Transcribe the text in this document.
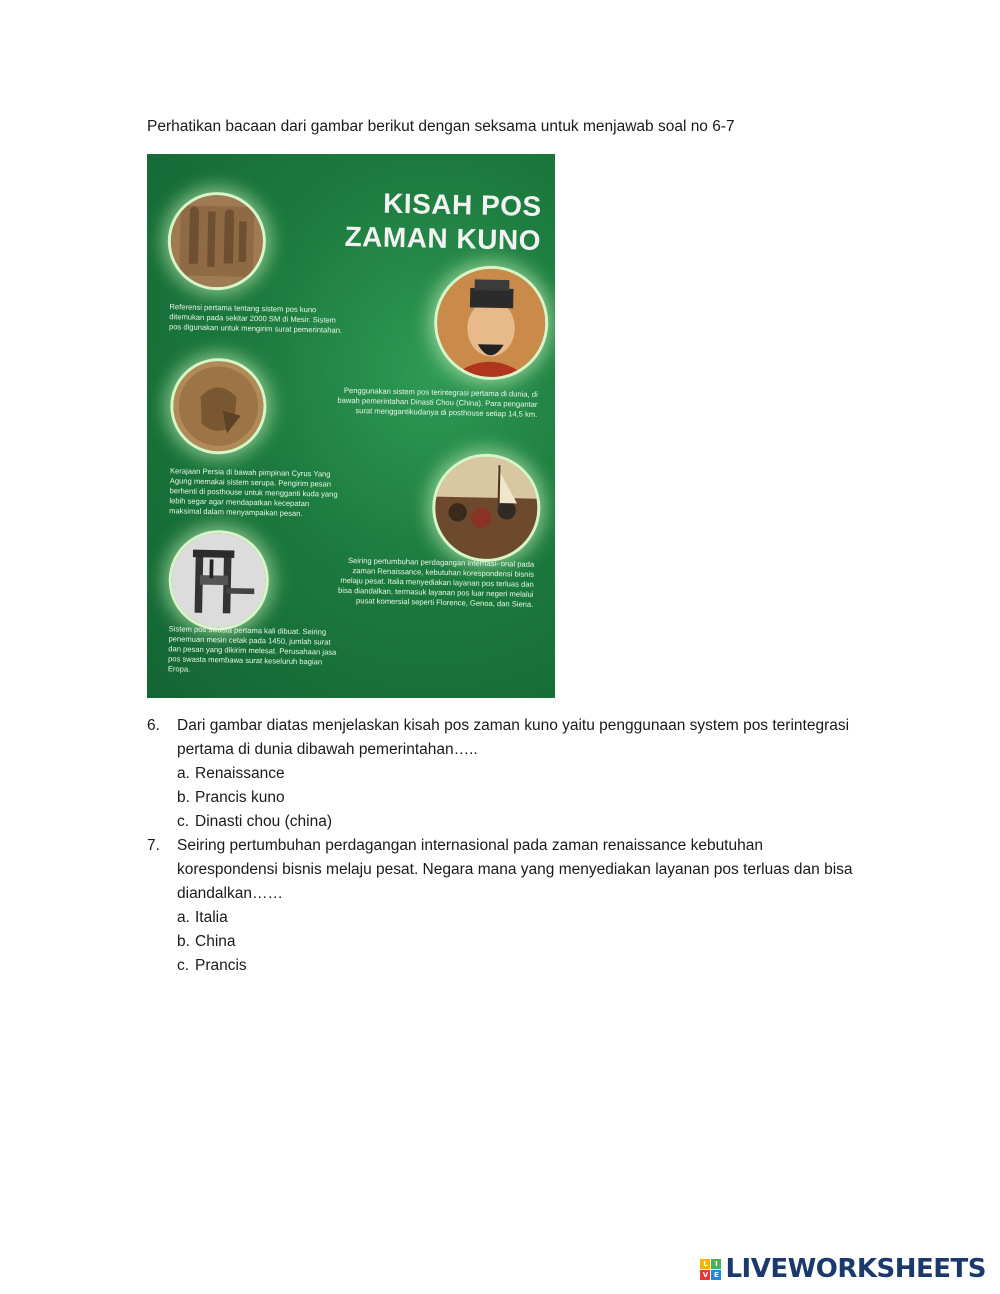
Perhatikan bacaan dari gambar berikut dengan seksama untuk menjawab soal no 6-7
KISAH POS
ZAMAN KUNO

Referensi pertama tentang sistem pos kuno ditemukan pada sekitar 2000 SM di Mesir. Sistem pos digunakan untuk mengirim surat pemerintahan.

Penggunakan sistem pos terintegrasi pertama di dunia, di bawah pemerintahan Dinasti Chou (China). Para pengantar surat menggantikudanya di posthouse setiap 14,5 km.

Kerajaan Persia di bawah pimpinan Cyrus Yang Agung memakai sistem serupa. Pengirim pesan berhenti di posthouse untuk mengganti kuda yang lebih segar agar mendapatkan kecepatan maksimal dalam menyampaikan pesan.

Seiring pertumbuhan perdagangan internasi- onal pada zaman Renaissance, kebutuhan korespondensi bisnis melaju pesat. Italia menyediakan layanan pos terluas dan bisa diandalkan, termasuk layanan pos luar negeri melalui pusat komersial seperti Florence, Genoa, dan Siena.

Sistem pos swasta pertama kali dibuat. Seiring penemuan mesin cetak pada 1450, jumlah surat dan pesan yang dikirim melesat. Perusahaan jasa pos swasta membawa surat keseluruh bagian Eropa.

6. Dari gambar diatas menjelaskan kisah pos zaman kuno yaitu penggunaan system pos terintegrasi pertama di dunia dibawah pemerintahan…..
a. Renaissance
b. Prancis kuno
c. Dinasti chou (china)
7. Seiring pertumbuhan perdagangan internasional pada zaman renaissance kebutuhan korespondensi bisnis melaju pesat. Negara mana yang menyediakan layanan pos terluas dan bisa diandalkan……
a. Italia
b. China
c. Prancis
L	I
V E LIVEWORKSHEETS
